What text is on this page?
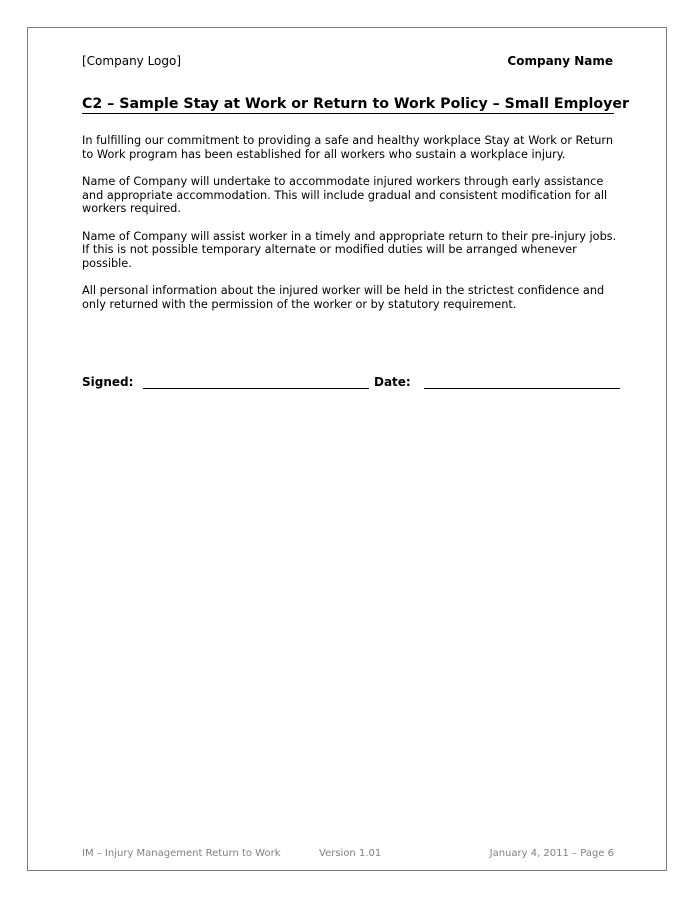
[Company Logo]	Company Name
C2 – Sample Stay at Work or Return to Work Policy – Small Employer

In fulfilling our commitment to providing a safe and healthy workplace Stay at Work or Return to Work program has been established for all workers who sustain a workplace injury.

Name of Company will undertake to accommodate injured workers through early assistance and appropriate accommodation. This will include gradual and consistent modification for all workers required.

Name of Company will assist worker in a timely and appropriate return to their pre-injury jobs. If this is not possible temporary alternate or modified duties will be arranged whenever possible.

All personal information about the injured worker will be held in the strictest confidence and only returned with the permission of the worker or by statutory requirement.

Signed:	Date:
IM – Injury Management Return to Work	Version 1.01	January 4, 2011 – Page 6
